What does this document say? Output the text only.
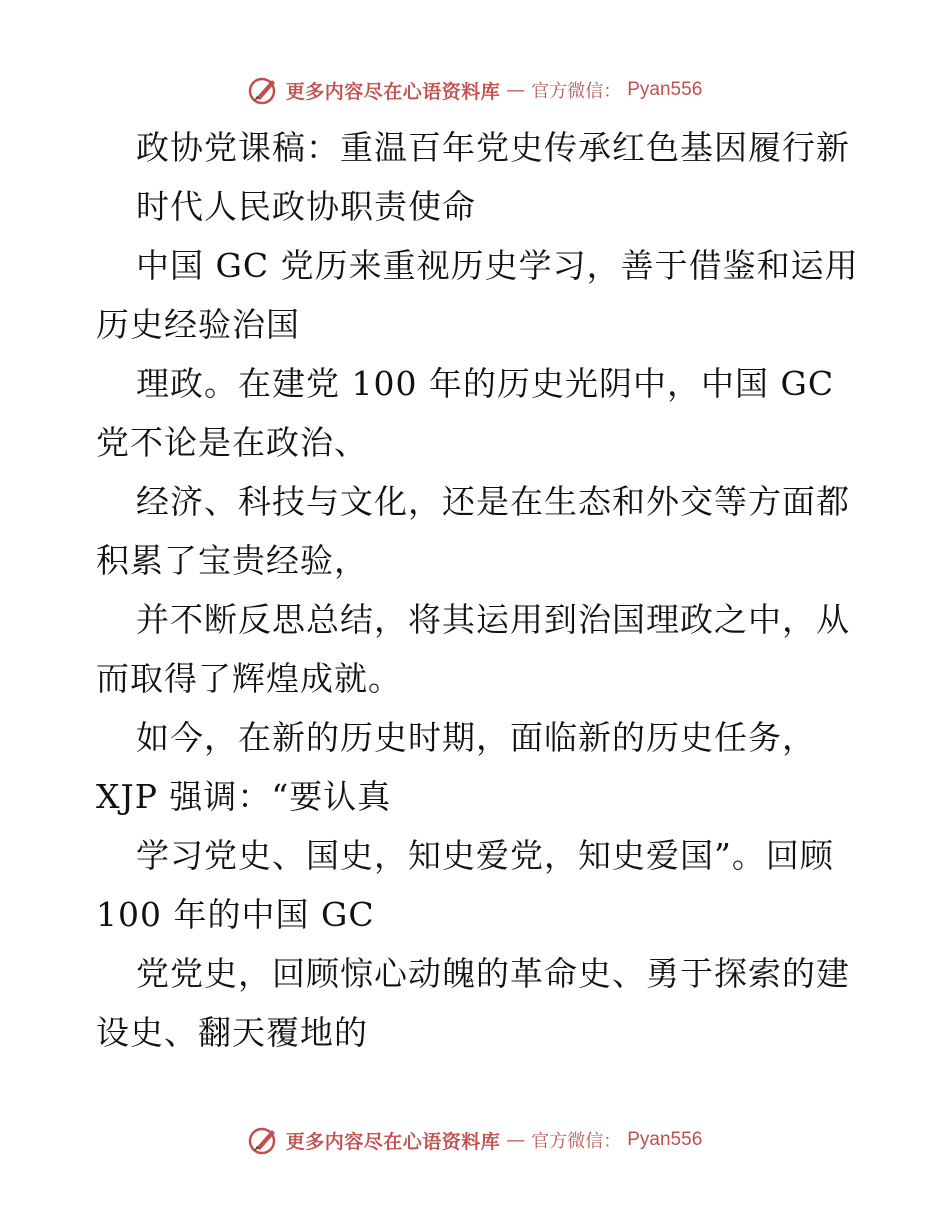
更多内容尽在心语资料库 — 官方微信： Pyan556
政协党课稿：重温百年党史传承红色基因履行新
时代人民政协职责使命
中国 GC 党历来重视历史学习，善于借鉴和运用
历史经验治国
理政。在建党 100 年的历史光阴中，中国 GC
党不论是在政治、
经济、科技与文化，还是在生态和外交等方面都
积累了宝贵经验，
并不断反思总结，将其运用到治国理政之中，从
而取得了辉煌成就。
如今，在新的历史时期，面临新的历史任务，
XJP 强调：“要认真
学习党史、国史，知史爱党，知史爱国”。回顾
100 年的中国 GC
党党史，回顾惊心动魄的革命史、勇于探索的建
设史、翻天覆地的
更多内容尽在心语资料库 — 官方微信： Pyan556
